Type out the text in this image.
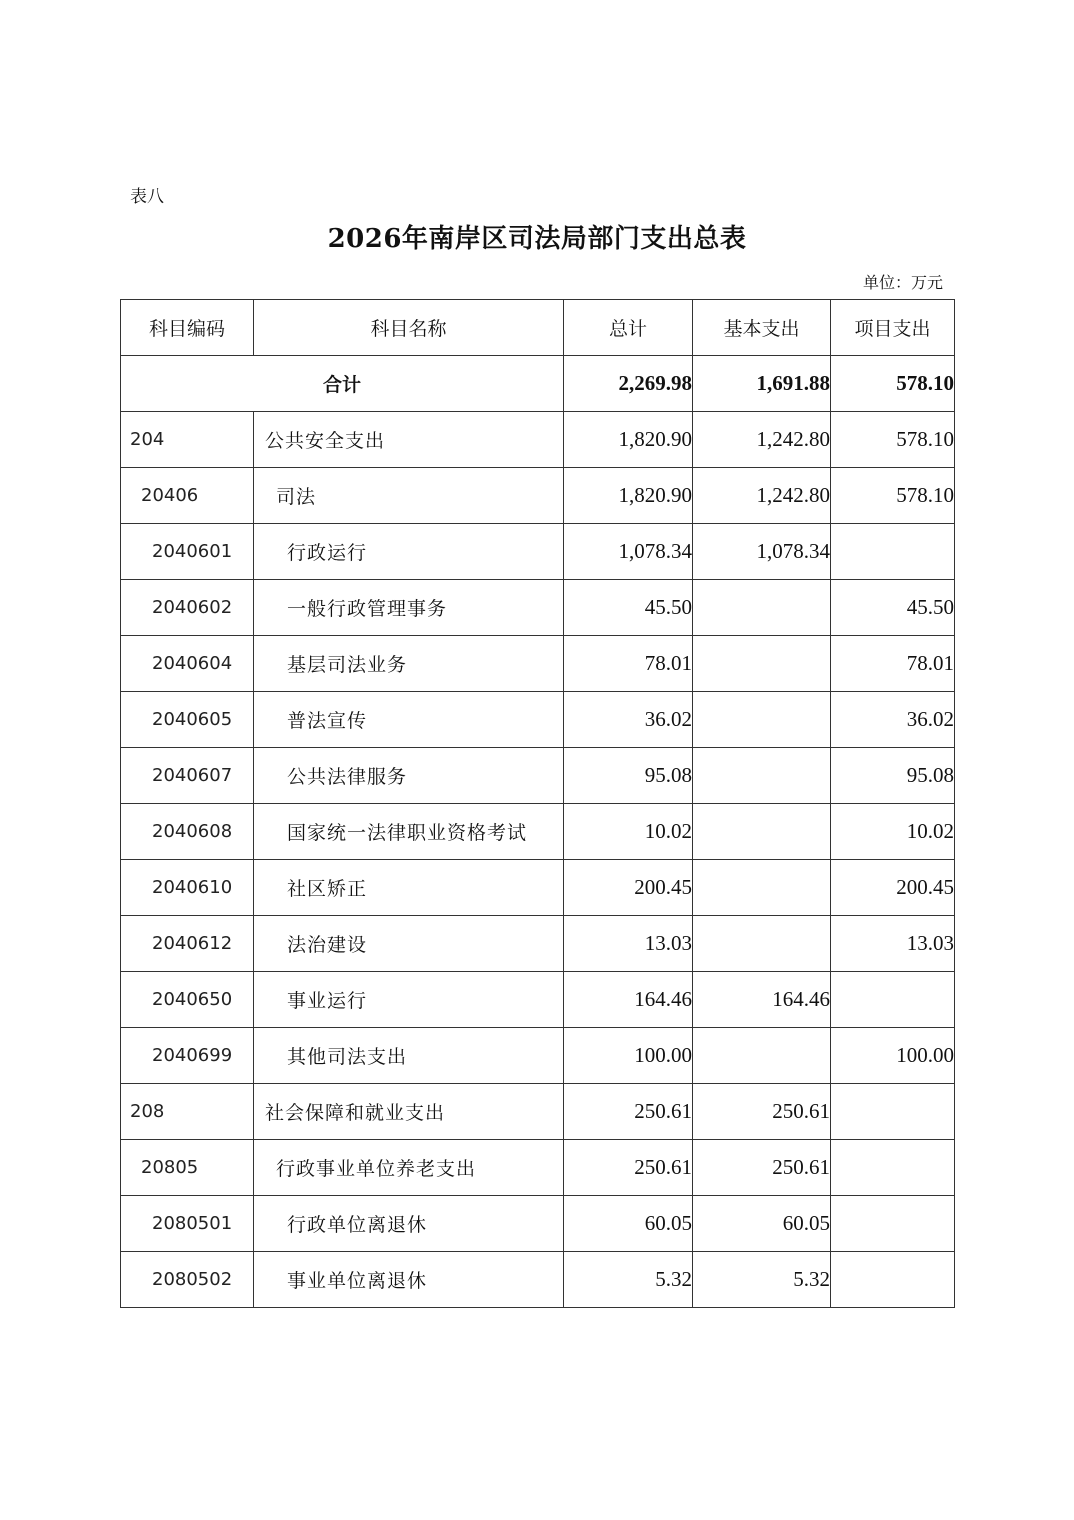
表八
2026年南岸区司法局部门支出总表
单位：万元
科目编码	科目名称	总计	基本支出	项目支出
合计		2,269.98	1,691.88	578.10
204	公共安全支出	1,820.90	1,242.80	578.10
20406	司法	1,820.90	1,242.80	578.10
2040601	行政运行	1,078.34	1,078.34	
2040602	一般行政管理事务	45.50		45.50
2040604	基层司法业务	78.01		78.01
2040605	普法宣传	36.02		36.02
2040607	公共法律服务	95.08		95.08
2040608	国家统一法律职业资格考试	10.02		10.02
2040610	社区矫正	200.45		200.45
2040612	法治建设	13.03		13.03
2040650	事业运行	164.46	164.46	
2040699	其他司法支出	100.00		100.00
208	社会保障和就业支出	250.61	250.61	
20805	行政事业单位养老支出	250.61	250.61	
2080501	行政单位离退休	60.05	60.05	
2080502	事业单位离退休	5.32	5.32	
